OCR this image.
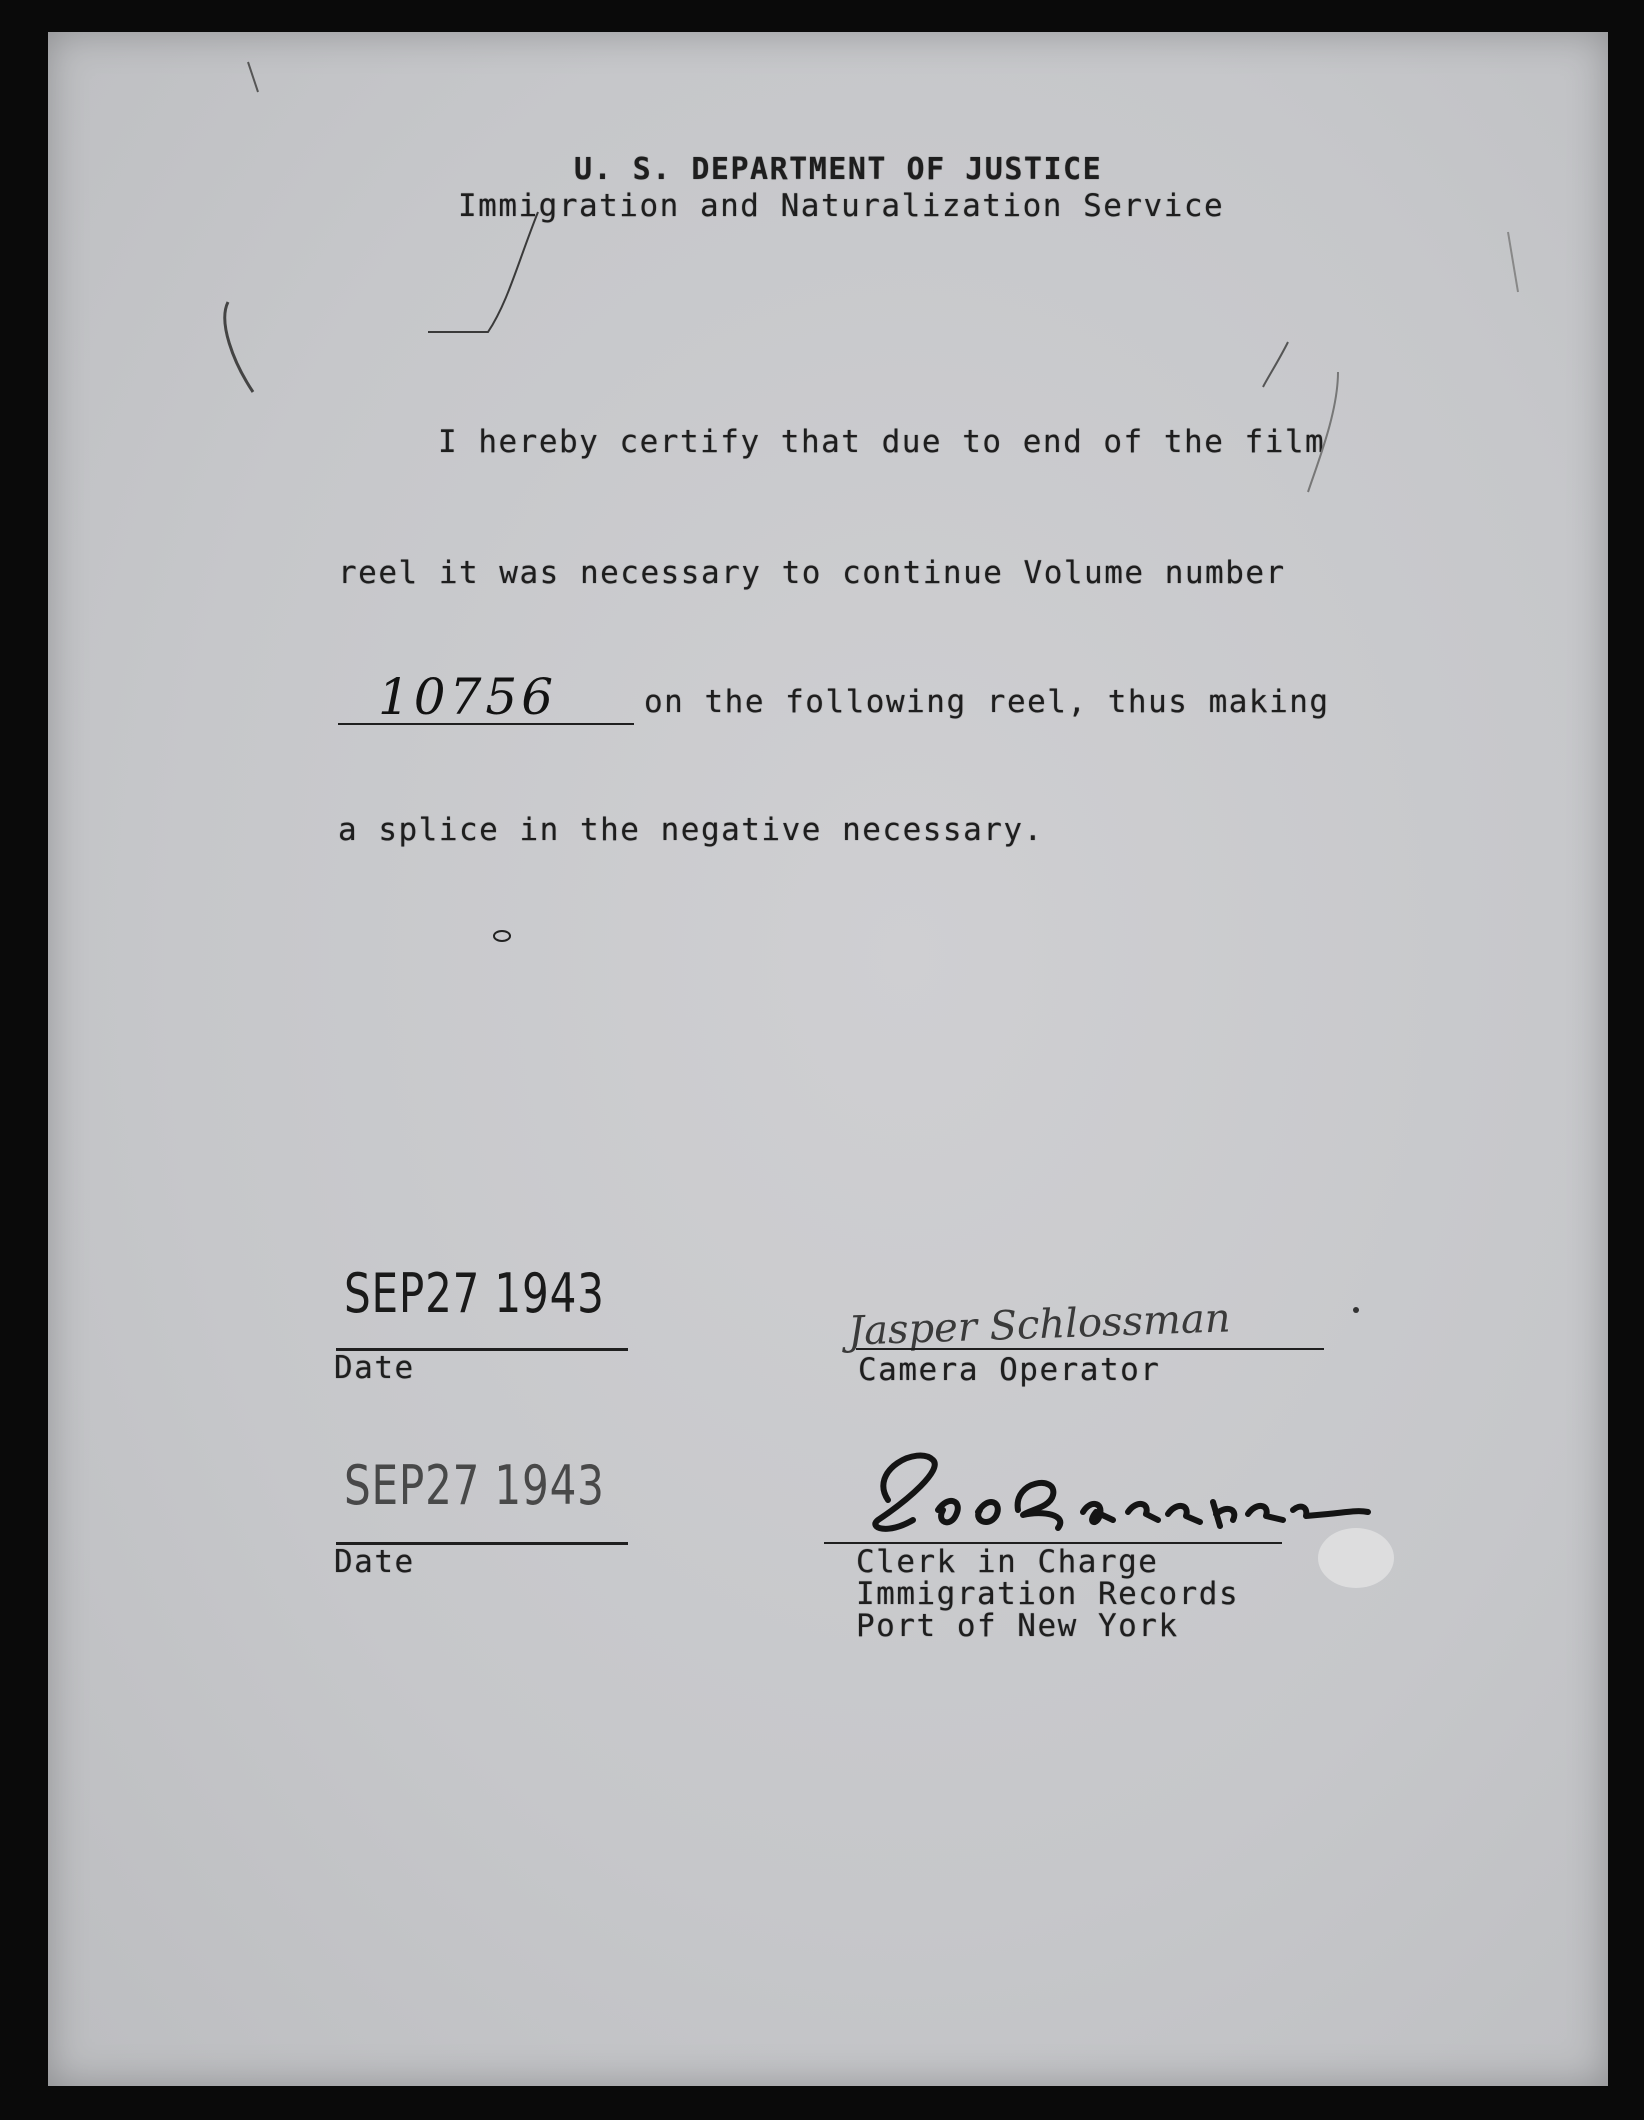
U. S. DEPARTMENT OF JUSTICE
Immigration and Naturalization Service
I hereby certify that due to end of the film
reel it was necessary to continue Volume number
10756	on the following reel, thus making
a splice in the negative necessary.
SEP27 1943
Date
Jasper Schlossman
Camera Operator
SEP27 1943
Date	Clerk in Charge
Immigration Records
Port of New York
